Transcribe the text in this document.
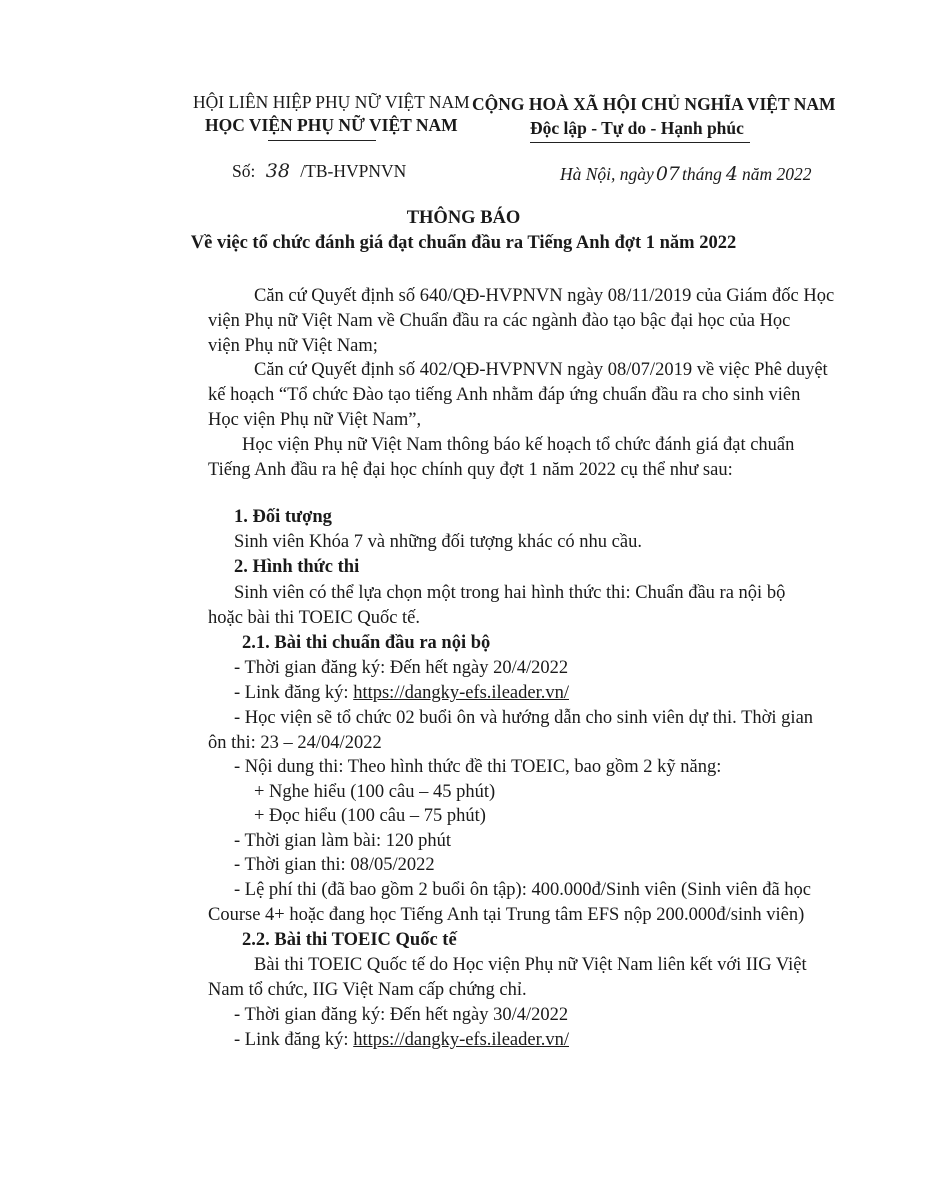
HỘI LIÊN HIỆP PHỤ NỮ VIỆT NAM
HỌC VIỆN PHỤ NỮ VIỆT NAM
CỘNG HOÀ XÃ HỘI CHỦ NGHĨA VIỆT NAM
Độc lập - Tự do - Hạnh phúc
Số: 38 /TB-HVPNVN	Hà Nội, ngày 07 tháng 4 năm 2022
THÔNG BÁO
Về việc tổ chức đánh giá đạt chuẩn đầu ra Tiếng Anh đợt 1 năm 2022
Căn cứ Quyết định số 640/QĐ-HVPNVN ngày 08/11/2019 của Giám đốc Học
viện Phụ nữ Việt Nam về Chuẩn đầu ra các ngành đào tạo bậc đại học của Học
viện Phụ nữ Việt Nam;
Căn cứ Quyết định số 402/QĐ-HVPNVN ngày 08/07/2019 về việc Phê duyệt
kế hoạch “Tổ chức Đào tạo tiếng Anh nhằm đáp ứng chuẩn đầu ra cho sinh viên
Học viện Phụ nữ Việt Nam”,
Học viện Phụ nữ Việt Nam thông báo kế hoạch tổ chức đánh giá đạt chuẩn
Tiếng Anh đầu ra hệ đại học chính quy đợt 1 năm 2022 cụ thể như sau:
1. Đối tượng
Sinh viên Khóa 7 và những đối tượng khác có nhu cầu.
2. Hình thức thi
Sinh viên có thể lựa chọn một trong hai hình thức thi: Chuẩn đầu ra nội bộ
hoặc bài thi TOEIC Quốc tế.
2.1. Bài thi chuẩn đầu ra nội bộ
- Thời gian đăng ký: Đến hết ngày 20/4/2022
- Link đăng ký: https://dangky-efs.ileader.vn/
- Học viện sẽ tổ chức 02 buổi ôn và hướng dẫn cho sinh viên dự thi. Thời gian
ôn thi: 23 – 24/04/2022
- Nội dung thi: Theo hình thức đề thi TOEIC, bao gồm 2 kỹ năng:
+ Nghe hiểu (100 câu – 45 phút)
+ Đọc hiểu (100 câu – 75 phút)
- Thời gian làm bài: 120 phút
- Thời gian thi: 08/05/2022
- Lệ phí thi (đã bao gồm 2 buổi ôn tập): 400.000đ/Sinh viên (Sinh viên đã học
Course 4+ hoặc đang học Tiếng Anh tại Trung tâm EFS nộp 200.000đ/sinh viên)
2.2. Bài thi TOEIC Quốc tế
Bài thi TOEIC Quốc tế do Học viện Phụ nữ Việt Nam liên kết với IIG Việt
Nam tổ chức, IIG Việt Nam cấp chứng chỉ.
- Thời gian đăng ký: Đến hết ngày 30/4/2022
- Link đăng ký: https://dangky-efs.ileader.vn/
